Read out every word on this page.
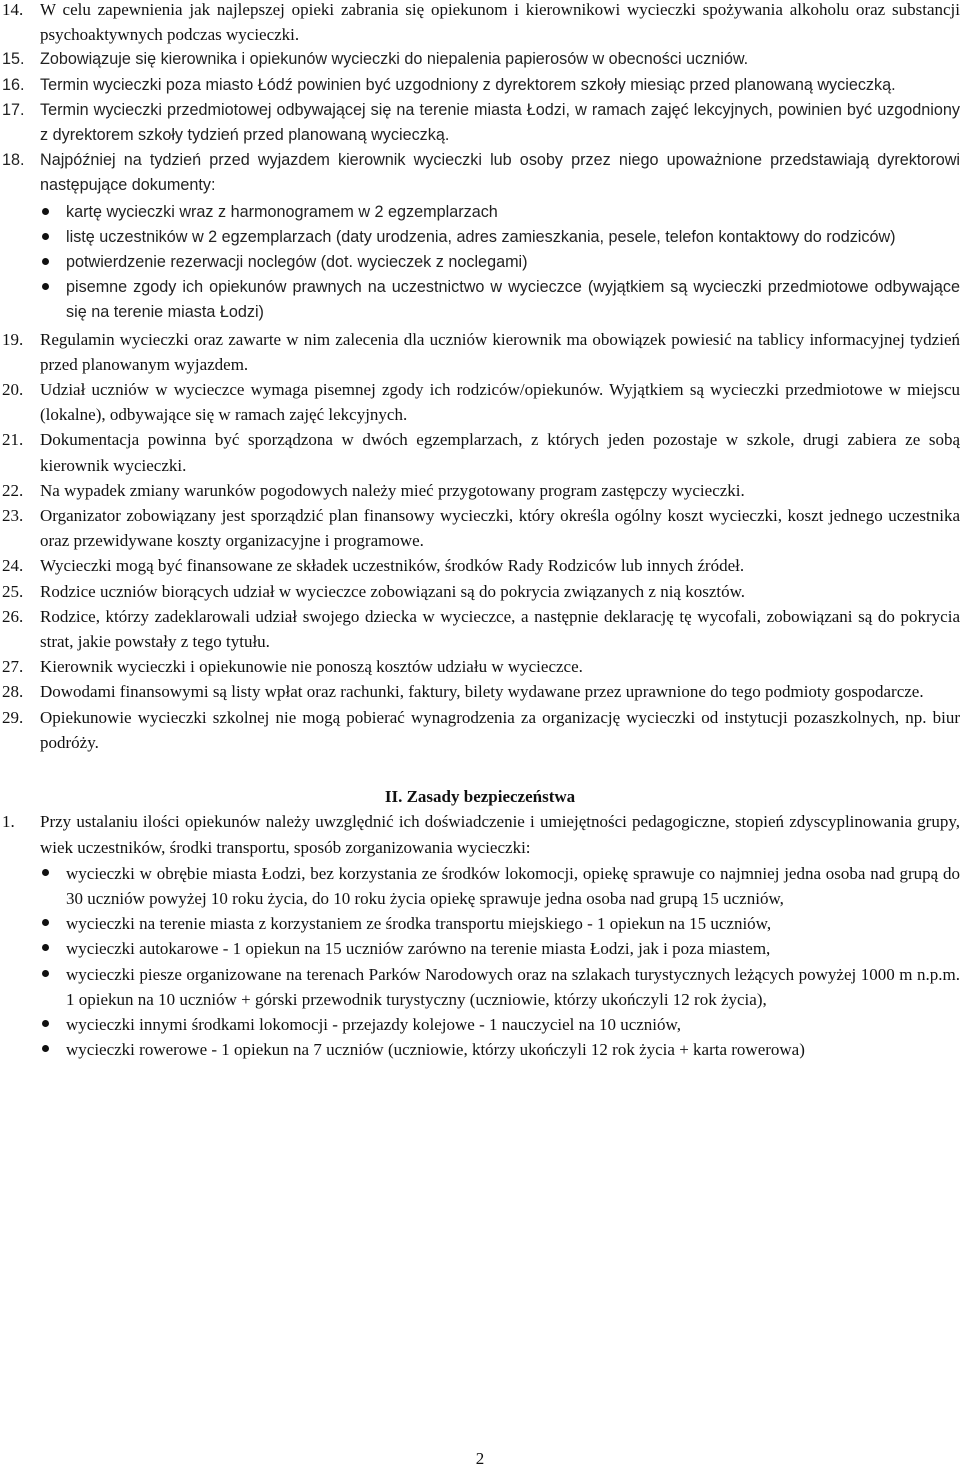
14. W celu zapewnienia jak najlepszej opieki zabrania się opiekunom i kierownikowi wycieczki spożywania alkoholu oraz substancji psychoaktywnych podczas wycieczki.
15. Zobowiązuje się kierownika i opiekunów wycieczki do niepalenia papierosów w obecności uczniów.
16. Termin wycieczki poza miasto Łódź powinien być uzgodniony z dyrektorem szkoły miesiąc przed planowaną wycieczką.
17. Termin wycieczki przedmiotowej odbywającej się na terenie miasta Łodzi, w ramach zajęć lekcyjnych, powinien być uzgodniony z dyrektorem szkoły tydzień przed planowaną wycieczką.
18. Najpóźniej na tydzień przed wyjazdem kierownik wycieczki lub osoby przez niego upoważnione przedstawiają dyrektorowi następujące dokumenty:
kartę wycieczki wraz z harmonogramem w 2 egzemplarzach
listę uczestników w 2 egzemplarzach (daty urodzenia, adres zamieszkania, pesele, telefon kontaktowy do rodziców)
potwierdzenie rezerwacji noclegów (dot. wycieczek z noclegami)
pisemne zgody ich opiekunów prawnych na uczestnictwo w wycieczce (wyjątkiem są wycieczki przedmiotowe odbywające się na terenie miasta Łodzi)
19. Regulamin wycieczki oraz zawarte w nim zalecenia dla uczniów kierownik ma obowiązek powiesić na tablicy informacyjnej tydzień przed planowanym wyjazdem.
20. Udział uczniów w wycieczce wymaga pisemnej zgody ich rodziców/opiekunów. Wyjątkiem są wycieczki przedmiotowe w miejscu (lokalne), odbywające się w ramach zajęć lekcyjnych.
21. Dokumentacja powinna być sporządzona w dwóch egzemplarzach, z których jeden pozostaje w szkole, drugi zabiera ze sobą kierownik wycieczki.
22. Na wypadek zmiany warunków pogodowych należy mieć przygotowany program zastępczy wycieczki.
23. Organizator zobowiązany jest sporządzić plan finansowy wycieczki, który określa ogólny koszt wycieczki, koszt jednego uczestnika oraz przewidywane koszty organizacyjne i programowe.
24. Wycieczki mogą być finansowane ze składek uczestników, środków Rady Rodziców lub innych źródeł.
25. Rodzice uczniów biorących udział w wycieczce zobowiązani są do pokrycia związanych z nią kosztów.
26. Rodzice, którzy zadeklarowali udział swojego dziecka w wycieczce, a następnie deklarację tę wycofali, zobowiązani są do pokrycia strat, jakie powstały z tego tytułu.
27. Kierownik wycieczki i opiekunowie nie ponoszą kosztów udziału w wycieczce.
28. Dowodami finansowymi są listy wpłat oraz rachunki, faktury, bilety wydawane przez uprawnione do tego podmioty gospodarcze.
29. Opiekunowie wycieczki szkolnej nie mogą pobierać wynagrodzenia za organizację wycieczki od instytucji pozaszkolnych, np. biur podróży.
II. Zasady bezpieczeństwa
1.	Przy ustalaniu ilości opiekunów należy uwzględnić ich doświadczenie i umiejętności pedagogiczne, stopień zdyscyplinowania grupy, wiek uczestników, środki transportu, sposób zorganizowania wycieczki:
wycieczki w obrębie miasta Łodzi, bez korzystania ze środków lokomocji, opiekę sprawuje co najmniej jedna osoba nad grupą do 30 uczniów powyżej 10 roku życia, do 10 roku życia opiekę sprawuje jedna osoba nad grupą 15 uczniów,
wycieczki na terenie miasta z korzystaniem ze środka transportu miejskiego - 1 opiekun na 15 uczniów,
wycieczki autokarowe - 1 opiekun na 15 uczniów zarówno na terenie miasta Łodzi, jak i poza miastem,
wycieczki piesze organizowane na terenach Parków Narodowych oraz na szlakach turystycznych leżących powyżej 1000 m n.p.m. 1 opiekun na 10 uczniów + górski przewodnik turystyczny (uczniowie, którzy ukończyli 12 rok życia),
wycieczki innymi środkami lokomocji - przejazdy kolejowe - 1 nauczyciel na 10 uczniów,
wycieczki rowerowe - 1 opiekun na 7 uczniów (uczniowie, którzy ukończyli 12 rok życia + karta rowerowa)
2
